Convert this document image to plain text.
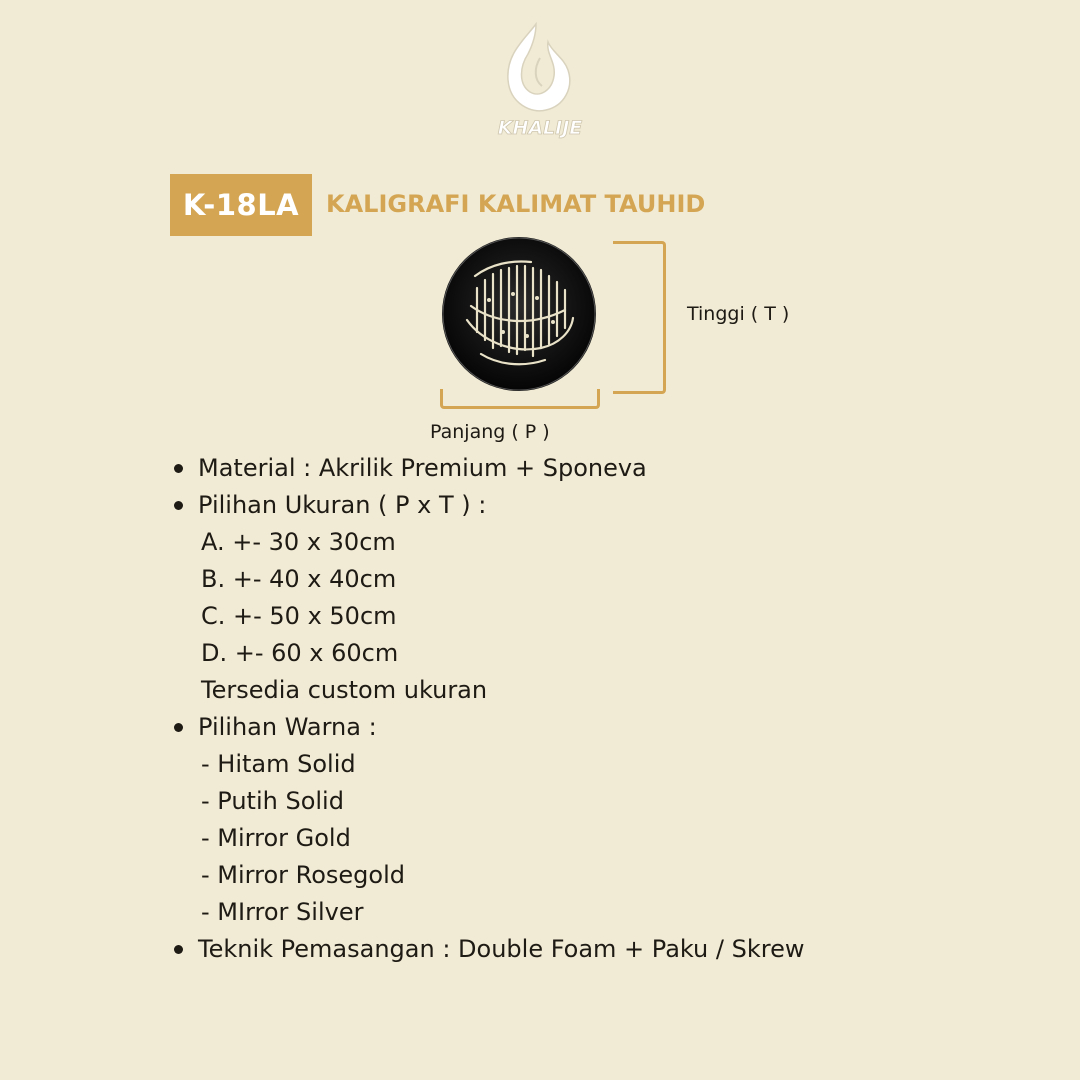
KHALIJE
K-18LA KALIGRAFI KALIMAT TAUHID
Tinggi ( T )
Panjang ( P )
Material : Akrilik Premium + Sponeva
Pilihan Ukuran ( P x T ) :
A. +- 30 x 30cm
B. +- 40 x 40cm
C. +- 50 x 50cm
D. +- 60 x 60cm
Tersedia custom ukuran
Pilihan Warna :
- Hitam Solid
- Putih Solid
- Mirror Gold
- Mirror Rosegold
- MIrror Silver
Teknik Pemasangan : Double Foam + Paku / Skrew
